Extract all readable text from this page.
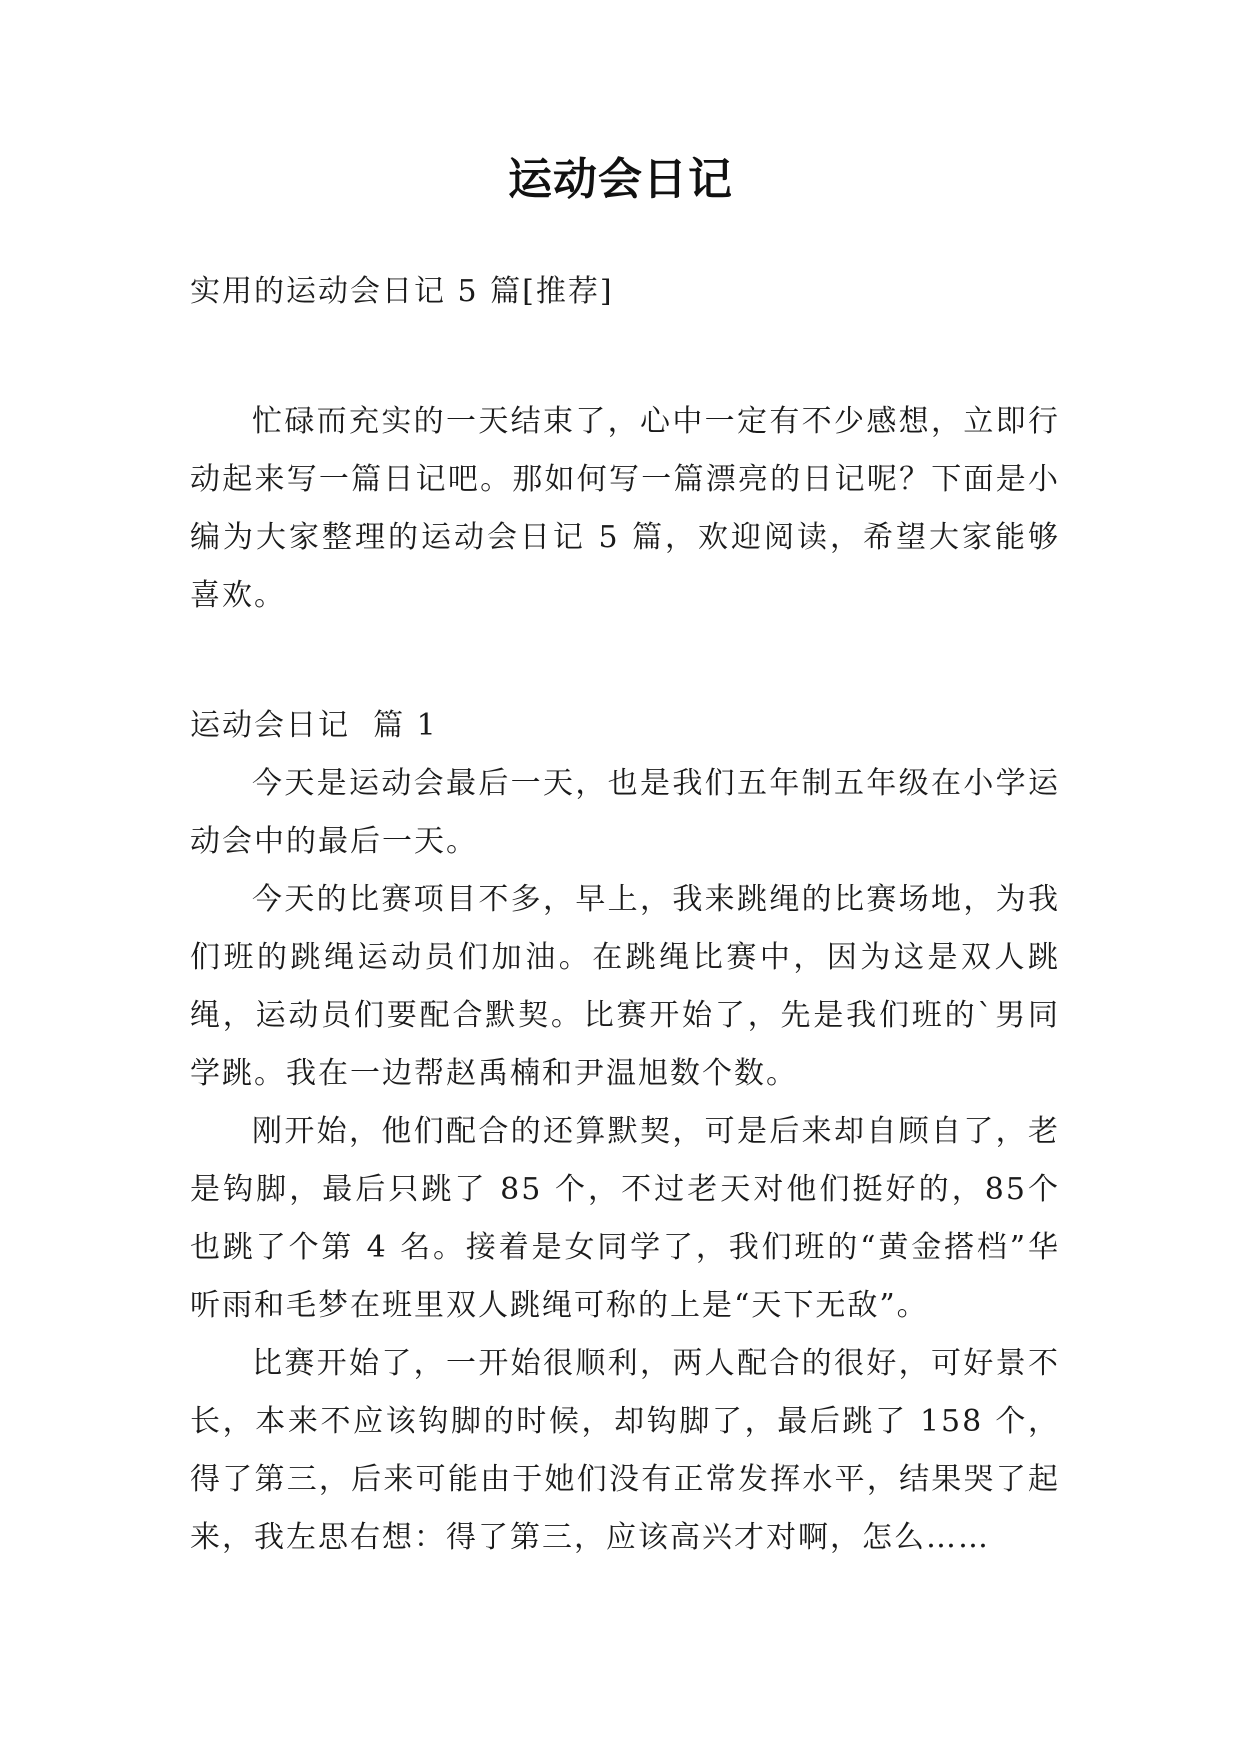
运动会日记

实用的运动会日记 5 篇[推荐]

忙碌而充实的一天结束了，心中一定有不少感想，立即行动起来写一篇日记吧。那如何写一篇漂亮的日记呢？下面是小编为大家整理的运动会日记 5 篇，欢迎阅读，希望大家能够喜欢。

运动会日记  篇 1

今天是运动会最后一天，也是我们五年制五年级在小学运动会中的最后一天。

今天的比赛项目不多，早上，我来跳绳的比赛场地，为我们班的跳绳运动员们加油。在跳绳比赛中，因为这是双人跳绳，运动员们要配合默契。比赛开始了，先是我们班的`男同学跳。我在一边帮赵禹楠和尹温旭数个数。

刚开始，他们配合的还算默契，可是后来却自顾自了，老是钩脚，最后只跳了 85 个，不过老天对他们挺好的，85个也跳了个第 4 名。接着是女同学了，我们班的“黄金搭档”华听雨和毛梦在班里双人跳绳可称的上是“天下无敌”。

比赛开始了，一开始很顺利，两人配合的很好，可好景不长，本来不应该钩脚的时候，却钩脚了，最后跳了 158 个，得了第三，后来可能由于她们没有正常发挥水平，结果哭了起来，我左思右想：得了第三，应该高兴才对啊，怎么……
